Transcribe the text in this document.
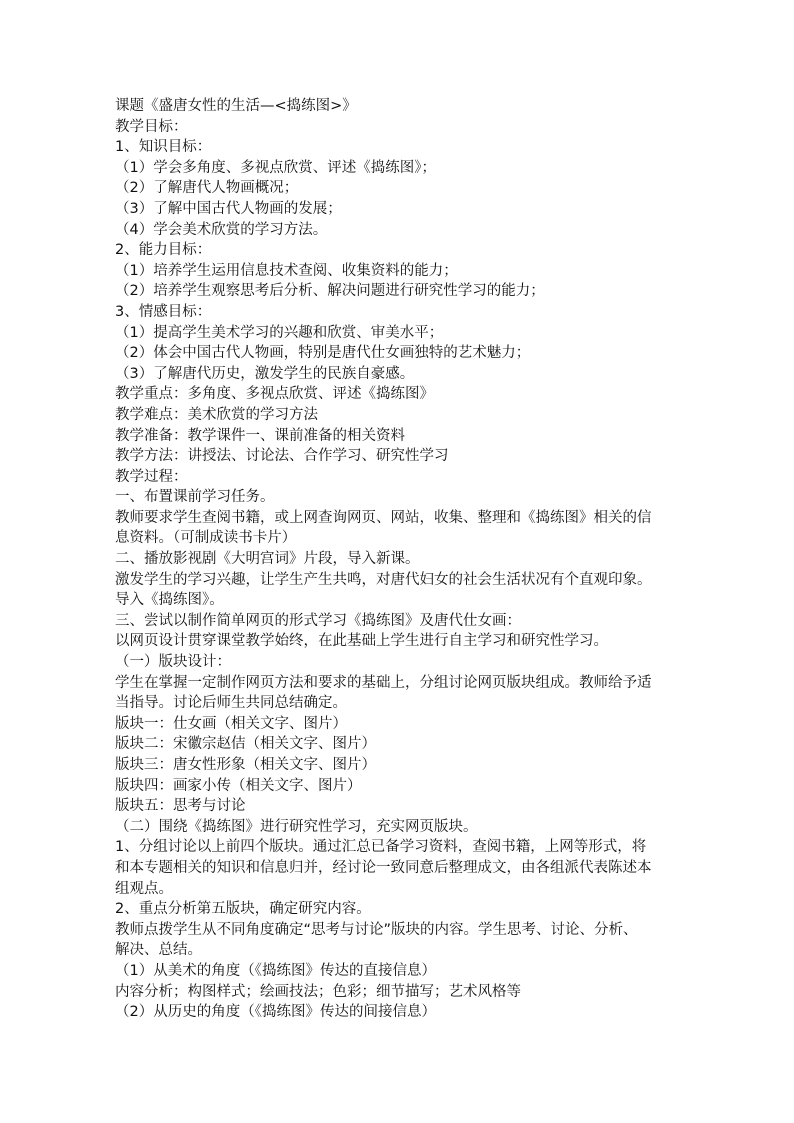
课题《盛唐女性的生活—<捣练图>》
教学目标：
1、知识目标：
（1）学会多角度、多视点欣赏、评述《捣练图》；
（2）了解唐代人物画概况；
（3）了解中国古代人物画的发展；
（4）学会美术欣赏的学习方法。
2、能力目标：
（1）培养学生运用信息技术查阅、收集资料的能力；
（2）培养学生观察思考后分析、解决问题进行研究性学习的能力；
3、情感目标：
（1）提高学生美术学习的兴趣和欣赏、审美水平；
（2）体会中国古代人物画，特别是唐代仕女画独特的艺术魅力；
（3）了解唐代历史，激发学生的民族自豪感。
教学重点：多角度、多视点欣赏、评述《捣练图》
教学难点：美术欣赏的学习方法
教学准备：教学课件一、课前准备的相关资料
教学方法：讲授法、讨论法、合作学习、研究性学习
教学过程：
一、布置课前学习任务。
教师要求学生查阅书籍，或上网查询网页、网站，收集、整理和《捣练图》相关的信
息资料。（可制成读书卡片）
二、播放影视剧《大明宫词》片段，导入新课。
激发学生的学习兴趣，让学生产生共鸣，对唐代妇女的社会生活状况有个直观印象。
导入《捣练图》。
三、尝试以制作简单网页的形式学习《捣练图》及唐代仕女画：
以网页设计贯穿课堂教学始终，在此基础上学生进行自主学习和研究性学习。
（一）版块设计：
学生在掌握一定制作网页方法和要求的基础上，分组讨论网页版块组成。教师给予适
当指导。讨论后师生共同总结确定。
版块一：仕女画（相关文字、图片）
版块二：宋徽宗赵佶（相关文字、图片）
版块三：唐女性形象（相关文字、图片）
版块四：画家小传（相关文字、图片）
版块五：思考与讨论
（二）围绕《捣练图》进行研究性学习，充实网页版块。
1、分组讨论以上前四个版块。通过汇总已备学习资料，查阅书籍，上网等形式，将
和本专题相关的知识和信息归并，经讨论一致同意后整理成文，由各组派代表陈述本
组观点。
2、重点分析第五版块，确定研究内容。
教师点拨学生从不同角度确定“思考与讨论”版块的内容。学生思考、讨论、分析、
解决、总结。
（1）从美术的角度（《捣练图》传达的直接信息）
内容分析；构图样式；绘画技法；色彩；细节描写；艺术风格等
（2）从历史的角度（《捣练图》传达的间接信息）
